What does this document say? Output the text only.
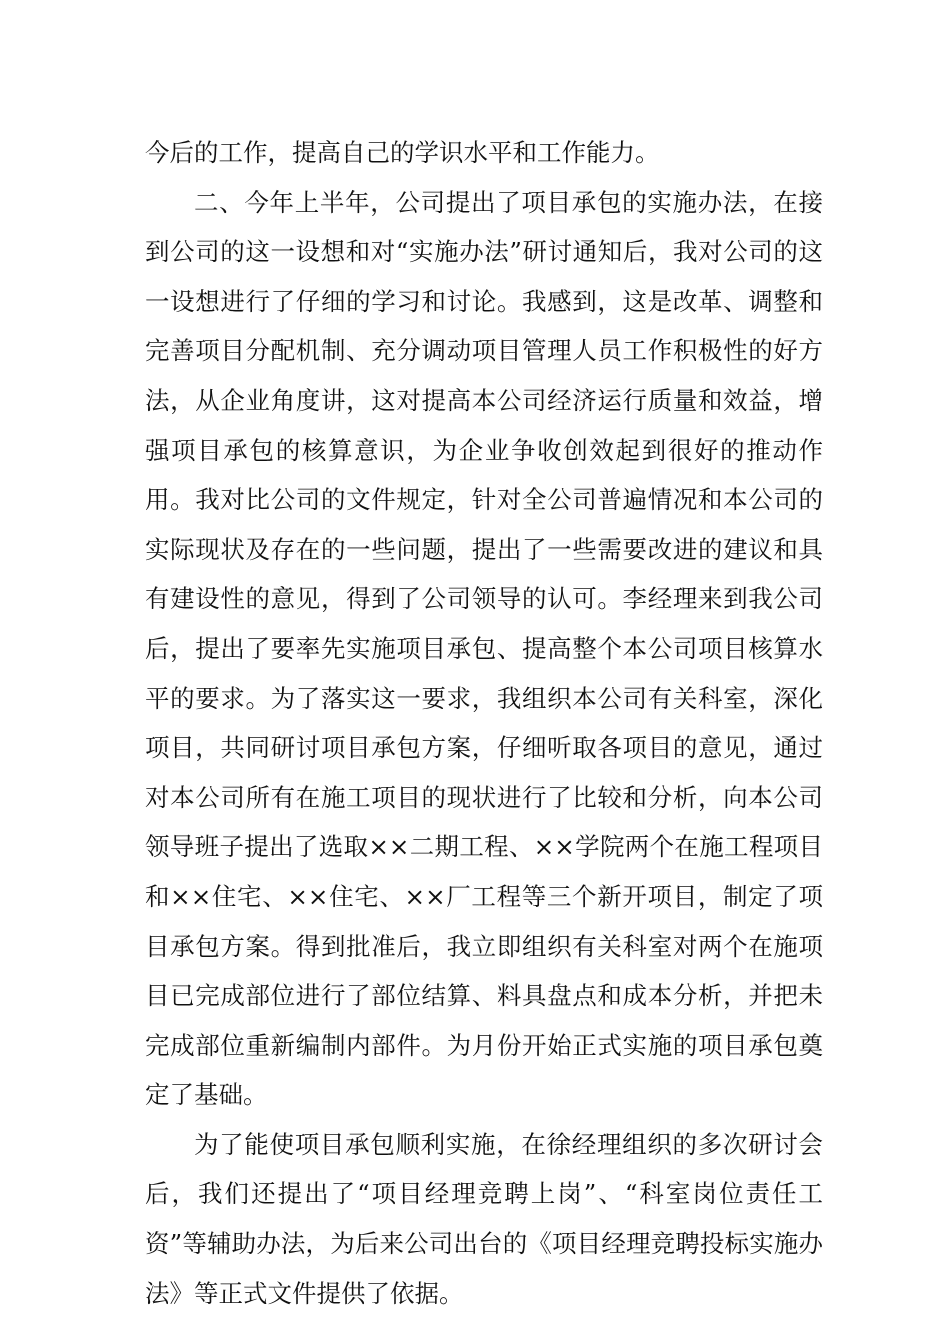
今后的工作，提高自己的学识水平和工作能力。

二、今年上半年，公司提出了项目承包的实施办法，在接到公司的这一设想和对“实施办法”研讨通知后，我对公司的这一设想进行了仔细的学习和讨论。我感到，这是改革、调整和完善项目分配机制、充分调动项目管理人员工作积极性的好方法，从企业角度讲，这对提高本公司经济运行质量和效益，增强项目承包的核算意识，为企业争收创效起到很好的推动作用。我对比公司的文件规定，针对全公司普遍情况和本公司的实际现状及存在的一些问题，提出了一些需要改进的建议和具有建设性的意见，得到了公司领导的认可。李经理来到我公司后，提出了要率先实施项目承包、提高整个本公司项目核算水平的要求。为了落实这一要求，我组织本公司有关科室，深化项目，共同研讨项目承包方案，仔细听取各项目的意见，通过对本公司所有在施工项目的现状进行了比较和分析，向本公司领导班子提出了选取××二期工程、××学院两个在施工程项目和××住宅、××住宅、××厂工程等三个新开项目，制定了项目承包方案。得到批准后，我立即组织有关科室对两个在施项目已完成部位进行了部位结算、料具盘点和成本分析，并把未完成部位重新编制内部件。为月份开始正式实施的项目承包奠定了基础。

为了能使项目承包顺利实施，在徐经理组织的多次研讨会后，我们还提出了“项目经理竞聘上岗”、“科室岗位责任工资”等辅助办法，为后来公司出台的《项目经理竞聘投标实施办法》等正式文件提供了依据。
